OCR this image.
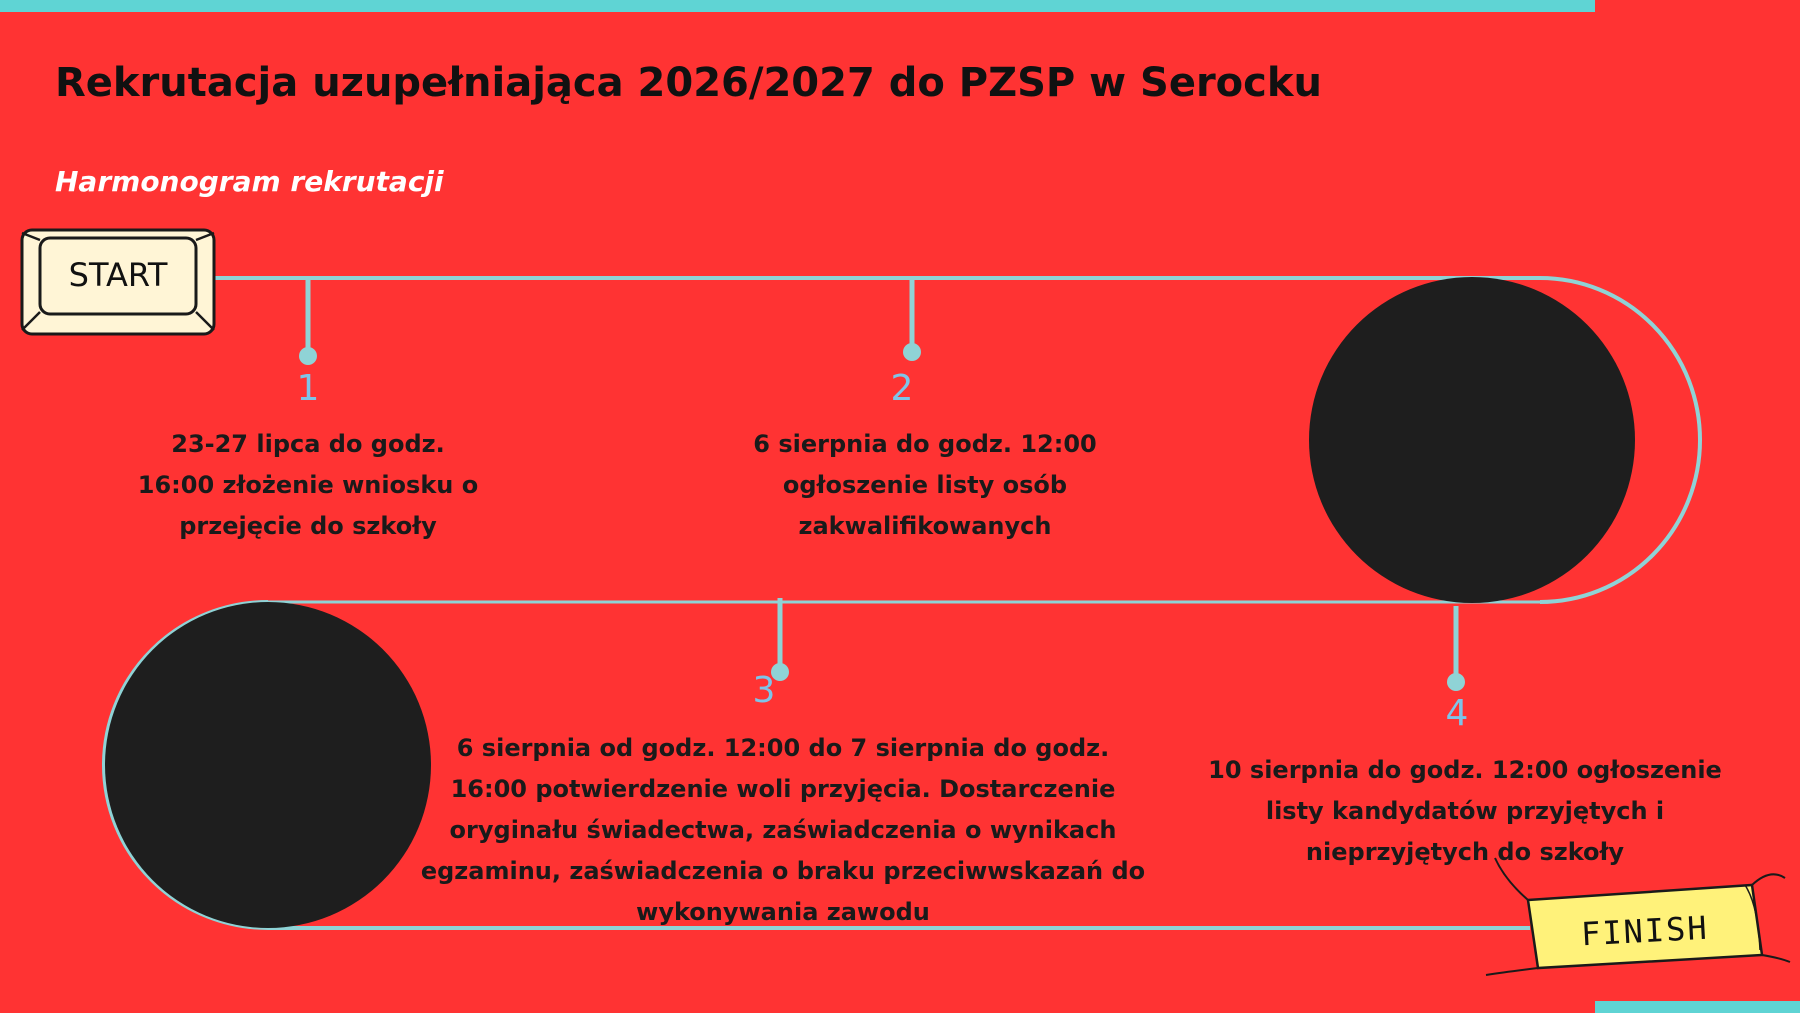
START
FINISH
Rekrutacja uzupełniająca 2026/2027 do PZSP w Serocku
Harmonogram rekrutacji
1
23-27 lipca do godz. 16:00 złożenie wniosku o przejęcie do szkoły
2
6 sierpnia do godz. 12:00 ogłoszenie listy osób zakwalifikowanych
3
6 sierpnia od godz. 12:00 do 7 sierpnia do godz. 16:00 potwierdzenie woli przyjęcia. Dostarczenie oryginału świadectwa, zaświadczenia o wynikach egzaminu, zaświadczenia o braku przeciwwskazań do wykonywania zawodu
4
10 sierpnia do godz. 12:00 ogłoszenie listy kandydatów przyjętych i nieprzyjętych do szkoły
